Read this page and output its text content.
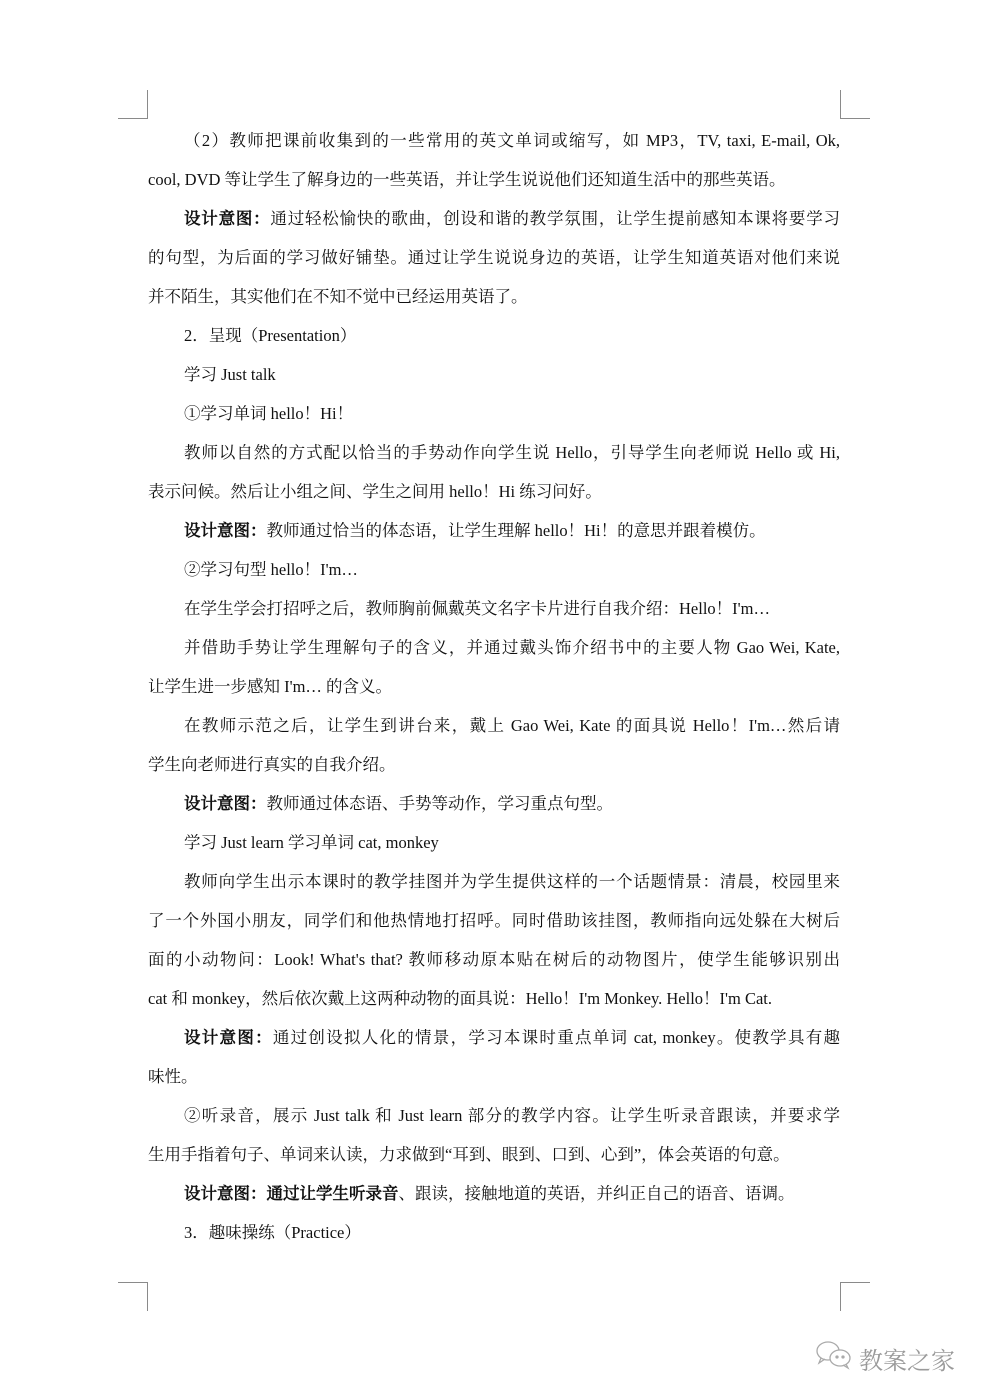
（2）教师把课前收集到的一些常用的英文单词或缩写，如 MP3，TV, taxi, E-mail, Ok,
cool, DVD 等让学生了解身边的一些英语，并让学生说说他们还知道生活中的那些英语。
设计意图：通过轻松愉快的歌曲，创设和谐的教学氛围，让学生提前感知本课将要学习
的句型，为后面的学习做好铺垫。通过让学生说说身边的英语，让学生知道英语对他们来说
并不陌生，其实他们在不知不觉中已经运用英语了。
2．呈现（Presentation）
学习 Just talk
①学习单词 hello！Hi！
教师以自然的方式配以恰当的手势动作向学生说 Hello，引导学生向老师说 Hello 或 Hi,
表示问候。然后让小组之间、学生之间用 hello！Hi 练习问好。
设计意图：教师通过恰当的体态语，让学生理解 hello！Hi！的意思并跟着模仿。
②学习句型 hello！I'm…
在学生学会打招呼之后，教师胸前佩戴英文名字卡片进行自我介绍：Hello！I'm…
并借助手势让学生理解句子的含义，并通过戴头饰介绍书中的主要人物 Gao Wei, Kate,
让学生进一步感知 I'm… 的含义。
在教师示范之后，让学生到讲台来，戴上 Gao Wei, Kate 的面具说 Hello！I'm…然后请
学生向老师进行真实的自我介绍。
设计意图：教师通过体态语、手势等动作，学习重点句型。
学习 Just learn 学习单词 cat, monkey
教师向学生出示本课时的教学挂图并为学生提供这样的一个话题情景：清晨，校园里来
了一个外国小朋友，同学们和他热情地打招呼。同时借助该挂图，教师指向远处躲在大树后
面的小动物问：Look! What's that? 教师移动原本贴在树后的动物图片，使学生能够识别出
cat 和 monkey，然后依次戴上这两种动物的面具说：Hello！I'm Monkey. Hello！I'm Cat.
设计意图：通过创设拟人化的情景，学习本课时重点单词 cat, monkey。使教学具有趣
味性。
②听录音，展示 Just talk 和 Just learn 部分的教学内容。让学生听录音跟读，并要求学
生用手指着句子、单词来认读，力求做到“耳到、眼到、口到、心到”，体会英语的句意。
设计意图：通过让学生听录音、跟读，接触地道的英语，并纠正自己的语音、语调。
3．趣味操练（Practice）
教案之家
